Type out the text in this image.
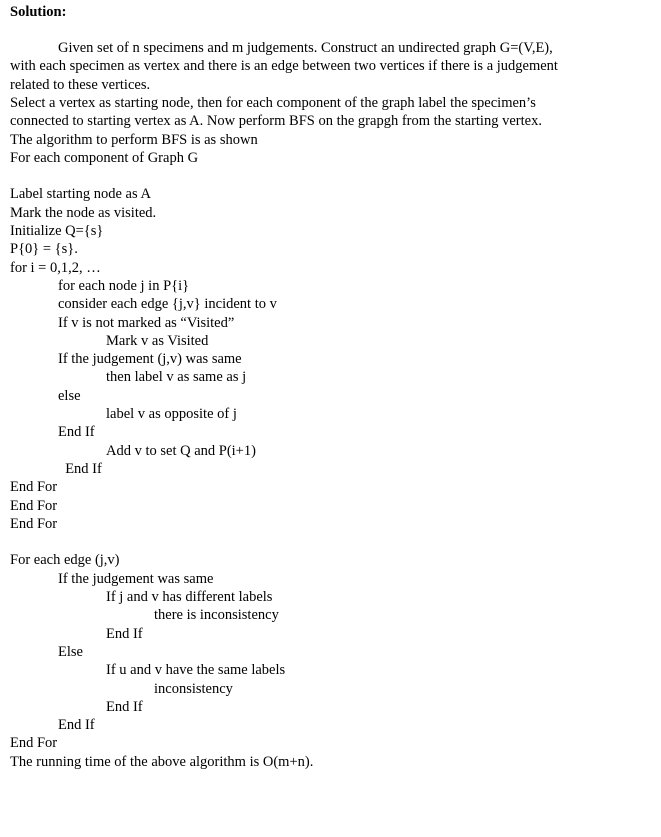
Solution:
Given set of n specimens and m judgements. Construct an undirected graph G=(V,E),
with each specimen as vertex and there is an edge between two vertices if there is a judgement
related to these vertices.
Select a vertex as starting node, then for each component of the graph label the specimen’s
connected to starting vertex as A. Now perform BFS on the grapgh from the starting vertex.
The algorithm to perform BFS is as shown
For each component of Graph G
Label starting node as A
Mark the node as visited.
Initialize Q={s}
P{0} = {s}.
for i = 0,1,2, …
for each node j in P{i}
consider each edge {j,v} incident to v
If v is not marked as “Visited”
Mark v as Visited
If the judgement (j,v) was same
then label v as same as j
else
label v as opposite of j
End If
Add v to set Q and P(i+1)
End If
End For
End For
End For
For each edge (j,v)
If the judgement was same
If j and v has different labels
there is inconsistency
End If
Else
If u and v have the same labels
inconsistency
End If
End If
End For
The running time of the above algorithm is O(m+n).
